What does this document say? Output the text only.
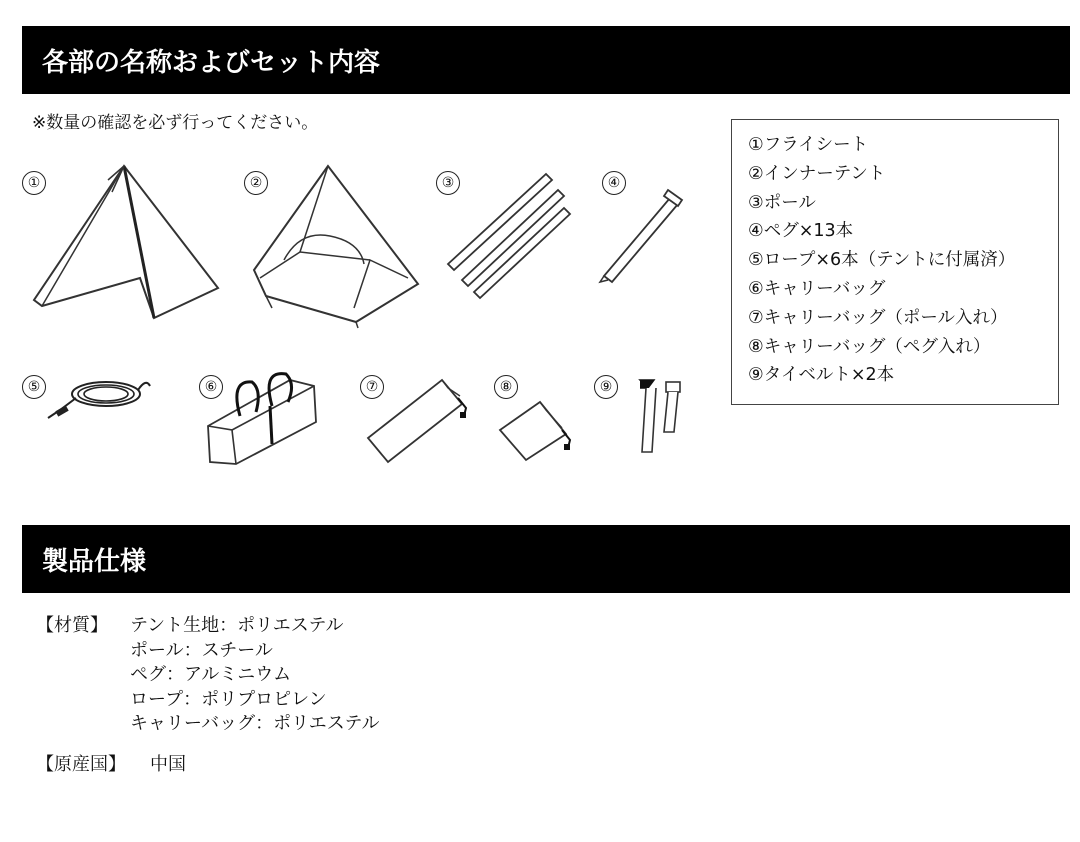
各部の名称およびセット内容
※数量の確認を必ず行ってください。
①	②	③	④
⑤	⑥	⑦	⑧	⑨
①フライシート
②インナーテント
③ポール
④ペグ×13本
⑤ロープ×6本（テントに付属済）
⑥キャリーバッグ
⑦キャリーバッグ（ポール入れ）
⑧キャリーバッグ（ペグ入れ）
⑨タイベルト×2本
製品仕様
【材質】 テント生地：ポリエステル
ポール：スチール
ペグ：アルミニウム
ロープ：ポリプロピレン
キャリーバッグ：ポリエステル
【原産国】 中国
